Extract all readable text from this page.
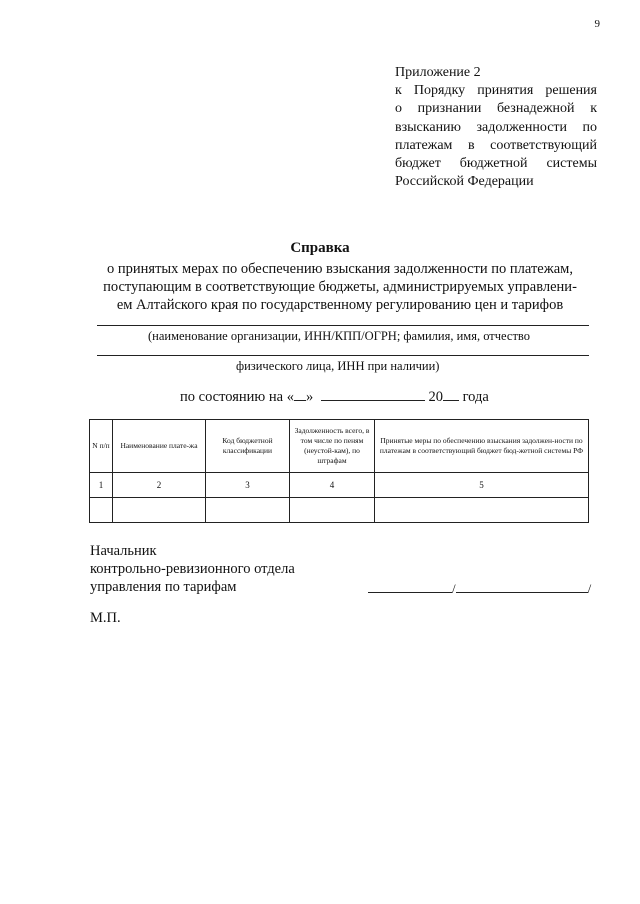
9
Приложение 2
к Порядку принятия решения
о признании безнадежной к
взысканию задолженности по
платежам в соответствующий
бюджет бюджетной системы
Российской Федерации
Справка
о принятых мерах по обеспечению взыскания задолженности по платежам,
поступающим в соответствующие бюджеты, администрируемых управлени-
ем Алтайского края по государственному регулированию цен и тарифов
(наименование организации, ИНН/КПП/ОГРН; фамилия, имя, отчество
физического лица, ИНН при наличии)
по состоянию на « »	20 года
N п/п	Наименование плате-жа	Код бюджетной классификации	Задолженность всего, в том числе по пеням (неустой-кам), по штрафам	Принятые меры по обеспечению взыскания задолжен-ности по платежам в соответствующий бюджет бюд-жетной системы РФ
1	2	3	4	5

Начальник
контрольно-ревизионного отдела
управления по тарифам	/	/
М.П.
